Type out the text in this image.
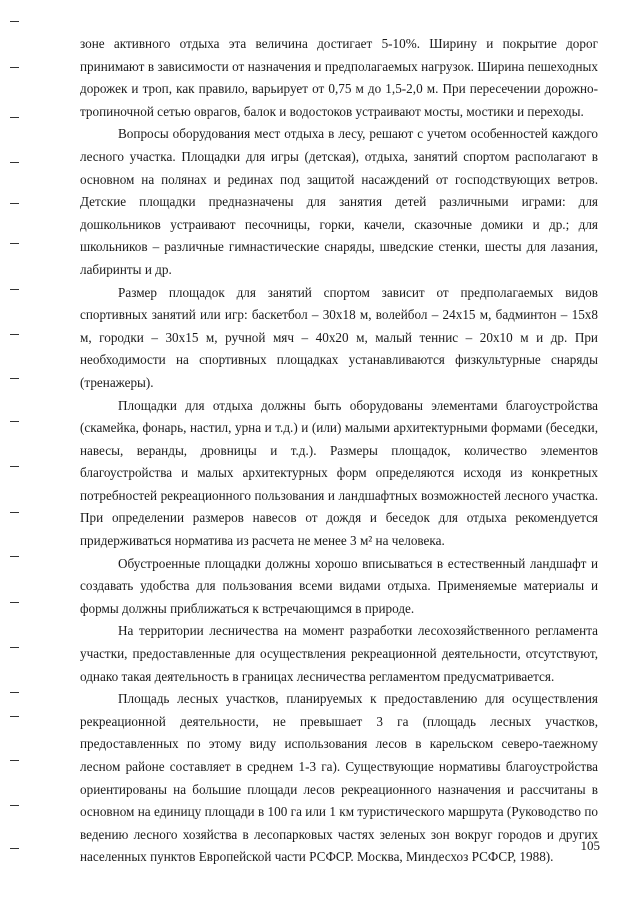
зоне активного отдыха эта величина достигает 5-10%. Ширину и покрытие дорог принимают в зависимости от назначения и предполагаемых нагрузок. Ширина пешеходных дорожек и троп, как правило, варьирует от 0,75 м до 1,5-2,0 м. При пересечении дорожно-тропиночной сетью оврагов, балок и водостоков устраивают мосты, мостики и переходы.

Вопросы оборудования мест отдыха в лесу, решают с учетом особенностей каждого лесного участка. Площадки для игры (детская), отдыха, занятий спортом располагают в основном на полянах и рединах под защитой насаждений от господствующих ветров. Детские площадки предназначены для занятия детей различными играми: для дошкольников устраивают песочницы, горки, качели, сказочные домики и др.; для школьников – различные гимнастические снаряды, шведские стенки, шесты для лазания, лабиринты и др.

Размер площадок для занятий спортом зависит от предполагаемых видов спортивных занятий или игр: баскетбол – 30х18 м, волейбол – 24х15 м, бадминтон – 15х8 м, городки – 30х15 м, ручной мяч – 40х20 м, малый теннис – 20х10 м и др. При необходимости на спортивных площадках устанавливаются физкультурные снаряды (тренажеры).

Площадки для отдыха должны быть оборудованы элементами благоустройства (скамейка, фонарь, настил, урна и т.д.) и (или) малыми архитектурными формами (беседки, навесы, веранды, дровницы и т.д.). Размеры площадок, количество элементов благоустройства и малых архитектурных форм определяются исходя из конкретных потребностей рекреационного пользования и ландшафтных возможностей лесного участка. При определении размеров навесов от дождя и беседок для отдыха рекомендуется придерживаться норматива из расчета не менее 3 м² на человека.

Обустроенные площадки должны хорошо вписываться в естественный ландшафт и создавать удобства для пользования всеми видами отдыха. Применяемые материалы и формы должны приближаться к встречающимся в природе.

На территории лесничества на момент разработки лесохозяйственного регламента участки, предоставленные для осуществления рекреационной деятельности, отсутствуют, однако такая деятельность в границах лесничества регламентом предусматривается.

Площадь лесных участков, планируемых к предоставлению для осуществления рекреационной деятельности, не превышает 3 га (площадь лесных участков, предоставленных по этому виду использования лесов в карельском северо-таежному лесном районе составляет в среднем 1-3 га). Существующие нормативы благоустройства ориентированы на большие площади лесов рекреационного назначения и рассчитаны в основном на единицу площади в 100 га или 1 км туристического маршрута (Руководство по ведению лесного хозяйства в лесопарковых частях зеленых зон вокруг городов и других населенных пунктов Европейской части РСФСР. Москва, Миндесхоз РСФСР, 1988).

105
